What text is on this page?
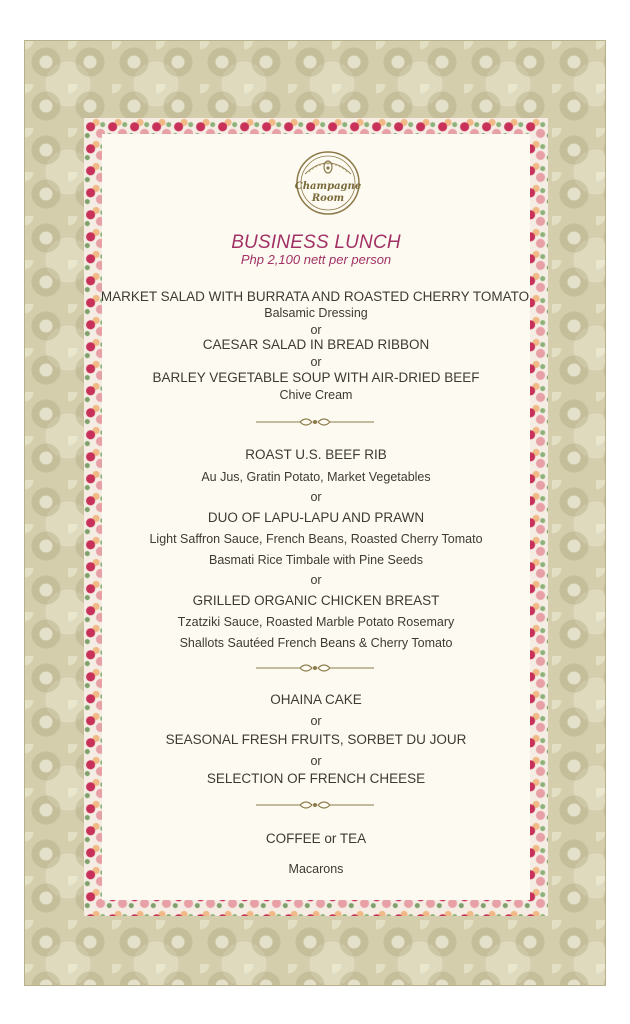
Champagne
Room
BUSINESS LUNCH
Php 2,100 nett per person
MARKET SALAD WITH BURRATA AND ROASTED CHERRY TOMATO
Balsamic Dressing
or
CAESAR SALAD IN BREAD RIBBON
or
BARLEY VEGETABLE SOUP WITH AIR-DRIED BEEF
Chive Cream
ROAST U.S. BEEF RIB
Au Jus, Gratin Potato, Market Vegetables
or
DUO OF LAPU-LAPU AND PRAWN
Light Saffron Sauce, French Beans, Roasted Cherry Tomato
Basmati Rice Timbale with Pine Seeds
or
GRILLED ORGANIC CHICKEN BREAST
Tzatziki Sauce, Roasted Marble Potato Rosemary
Shallots Sautéed French Beans & Cherry Tomato
OHAINA CAKE
or
SEASONAL FRESH FRUITS, SORBET DU JOUR
or
SELECTION OF FRENCH CHEESE
COFFEE or TEA
Macarons
